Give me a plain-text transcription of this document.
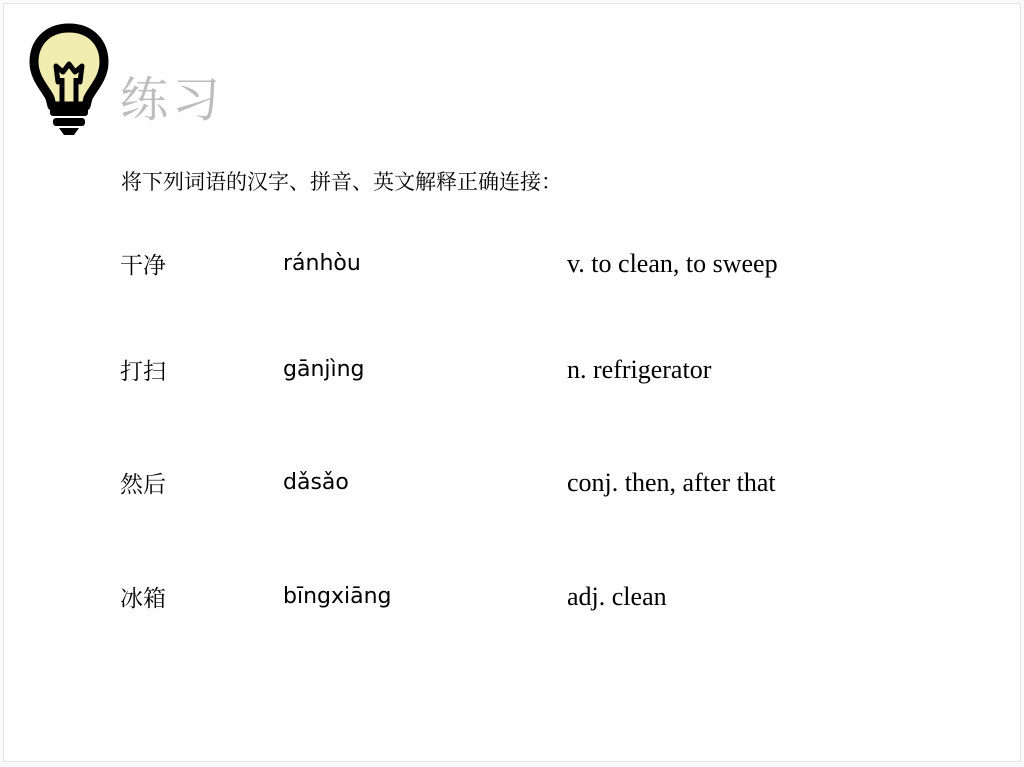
练习
将下列词语的汉字、拼音、英文解释正确连接：
干净	ránhòu	v. to clean, to sweep
打扫	gānjìng	n. refrigerator
然后	dǎsǎo	conj. then, after that
冰箱	bīngxiāng	adj. clean
